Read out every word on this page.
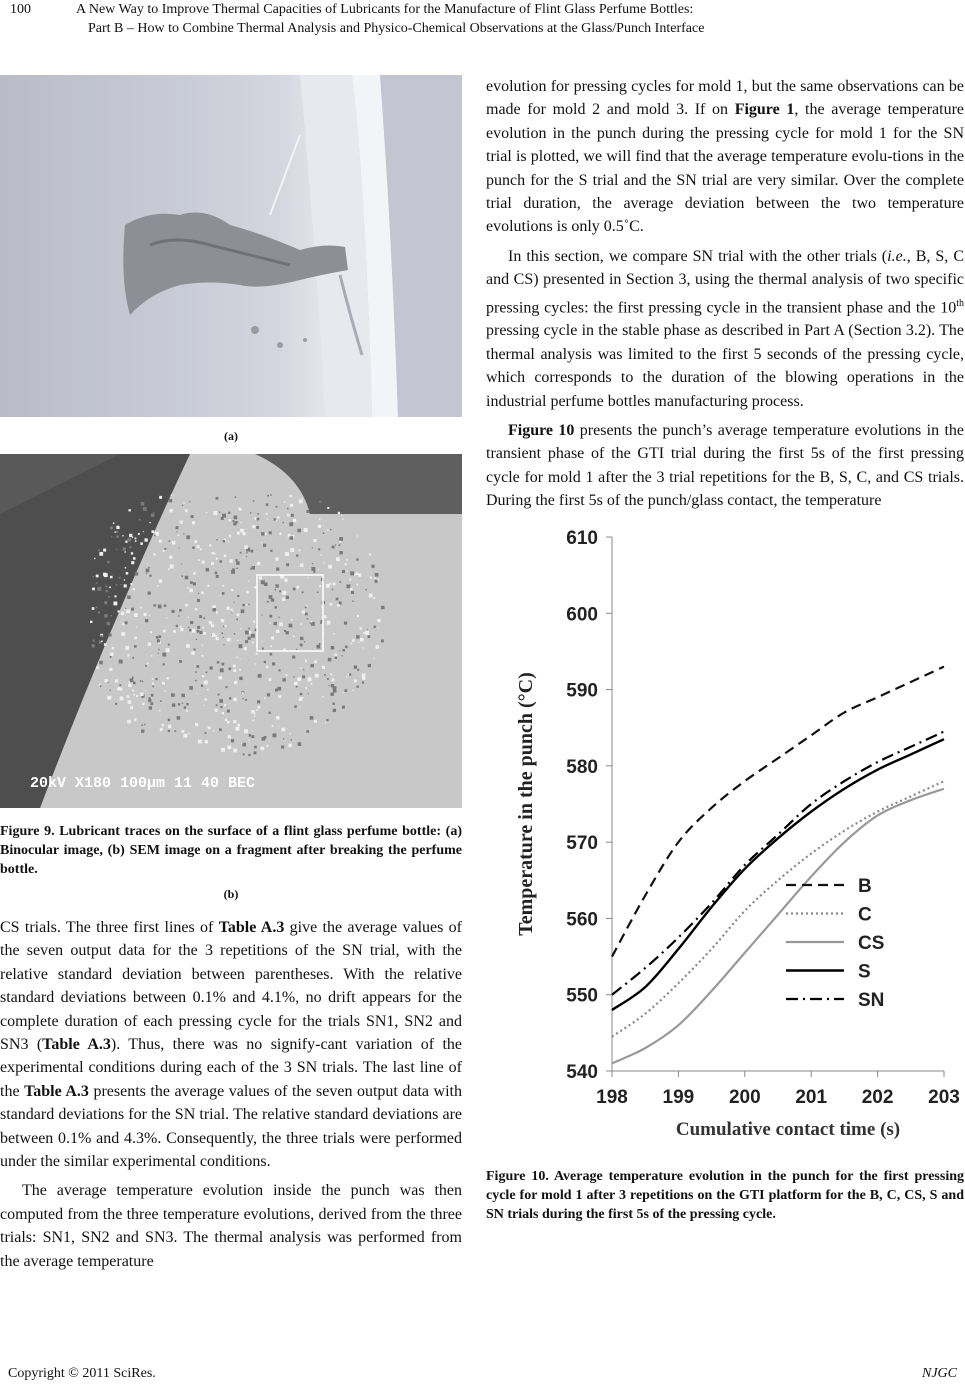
100	A New Way to Improve Thermal Capacities of Lubricants for the Manufacture of Flint Glass Perfume Bottles:
Part B – How to Combine Thermal Analysis and Physico-Chemical Observations at the Glass/Punch Interface
(a)
20kV X180 100µm 11 40 BEC
Figure 9. Lubricant traces on the surface of a flint glass perfume bottle: (a) Binocular image, (b) SEM image on a fragment after breaking the perfume bottle.
(b)

CS trials. The three first lines of Table A.3 give the average values of the seven output data for the 3 repetitions of the SN trial, with the relative standard deviation between parentheses. With the relative standard deviations between 0.1% and 4.1%, no drift appears for the complete duration of each pressing cycle for the trials SN1, SN2 and SN3 (Table A.3). Thus, there was no signify-cant variation of the experimental conditions during each of the 3 SN trials. The last line of the Table A.3 presents the average values of the seven output data with standard deviations for the SN trial. The relative standard deviations are between 0.1% and 4.3%. Consequently, the three trials were performed under the similar experimental conditions.

The average temperature evolution inside the punch was then computed from the three temperature evolutions, derived from the three trials: SN1, SN2 and SN3. The thermal analysis was performed from the average temperature

evolution for pressing cycles for mold 1, but the same observations can be made for mold 2 and mold 3. If on Figure 1, the average temperature evolution in the punch during the pressing cycle for mold 1 for the SN trial is plotted, we will find that the average temperature evolu-tions in the punch for the S trial and the SN trial are very similar. Over the complete trial duration, the average deviation between the two temperature evolutions is only 0.5˚C.

In this section, we compare SN trial with the other trials (i.e., B, S, C and CS) presented in Section 3, using the thermal analysis of two specific pressing cycles: the first pressing cycle in the transient phase and the 10th pressing cycle in the stable phase as described in Part A (Section 3.2). The thermal analysis was limited to the first 5 seconds of the pressing cycle, which corresponds to the duration of the blowing operations in the industrial perfume bottles manufacturing process.

Figure 10 presents the punch’s average temperature evolutions in the transient phase of the GTI trial during the first 5s of the first pressing cycle for mold 1 after the 3 trial repetitions for the B, S, C, and CS trials. During the first 5s of the punch/glass contact, the temperature

540
550
560
570
580
590
600
610
198 199 200 201 202 203
Cumulative contact time (s)
Temperature in the punch (°C)	B
C
CS
S
SN
Figure 10. Average temperature evolution in the punch for the first pressing cycle for mold 1 after 3 repetitions on the GTI platform for the B, C, CS, S and SN trials during the first 5s of the pressing cycle.
Copyright © 2011 SciRes.	NJGC
